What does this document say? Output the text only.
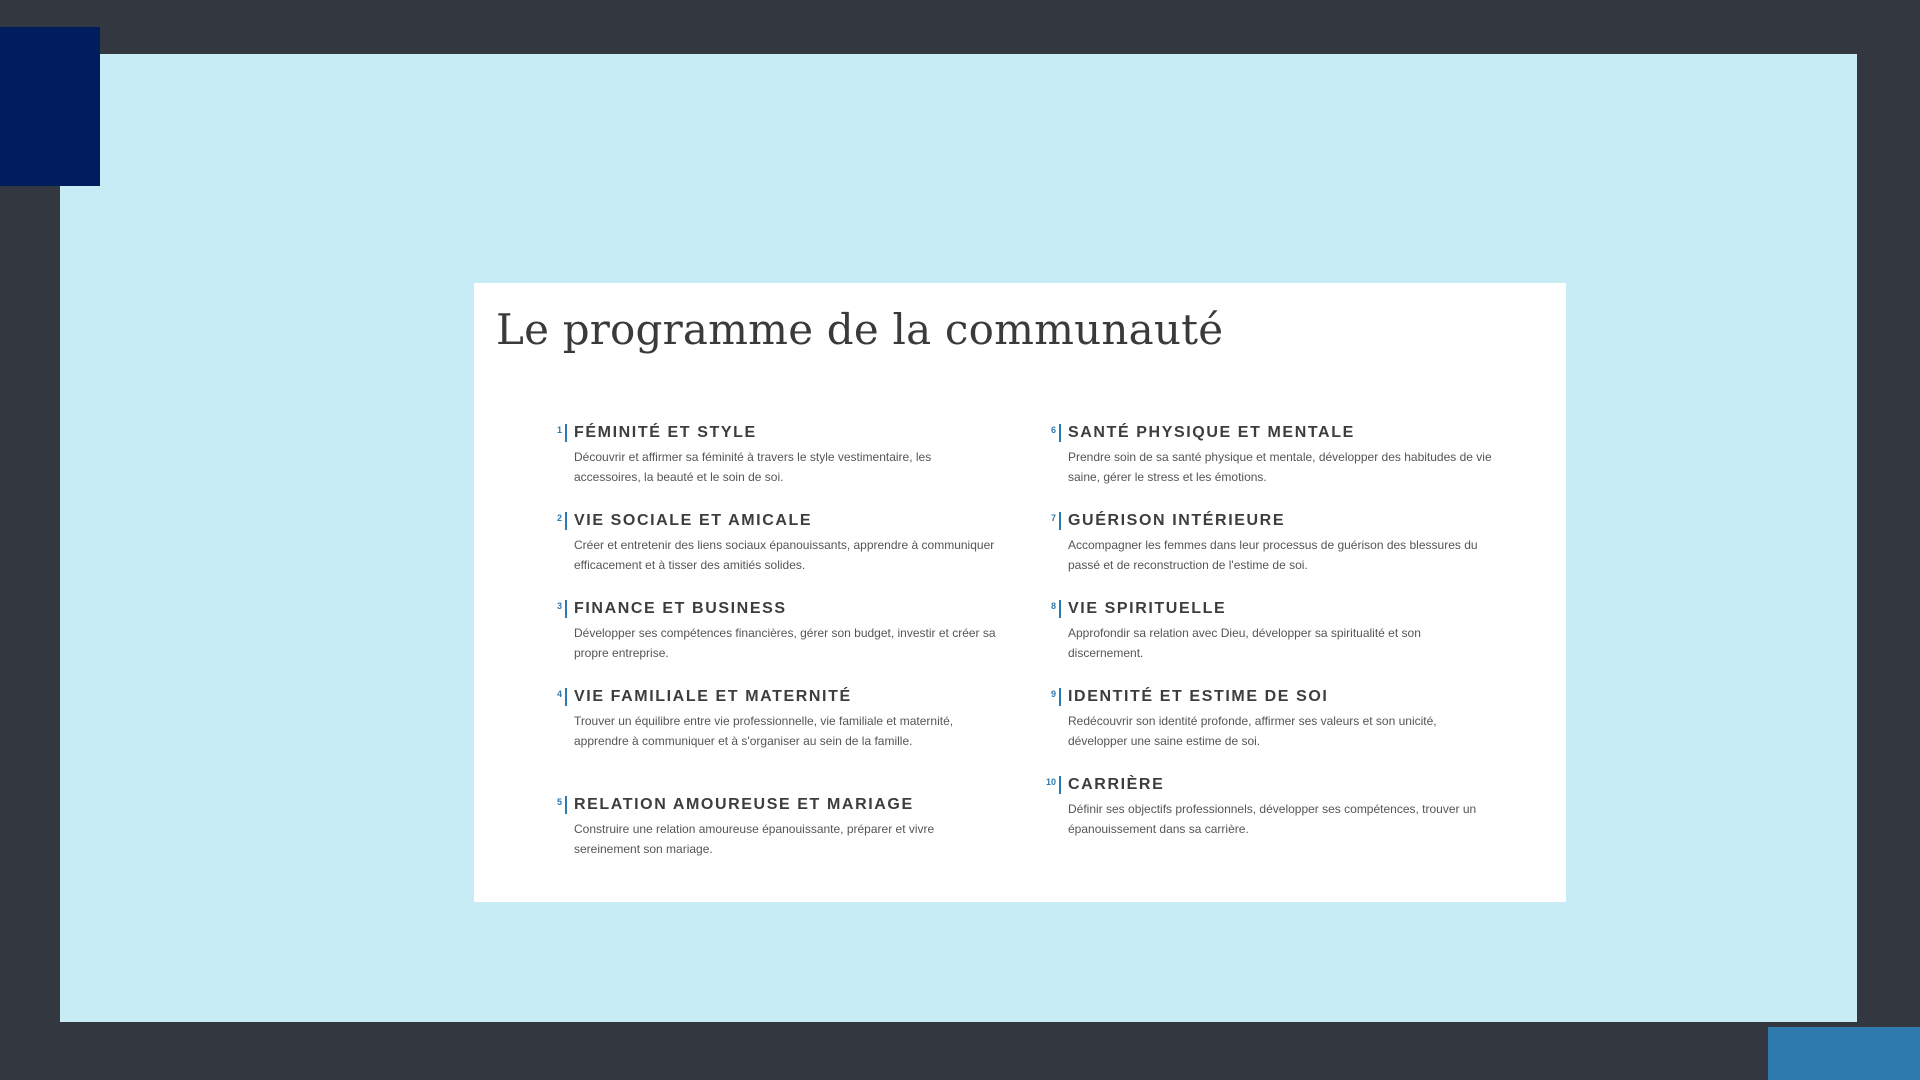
Le programme de la communauté
1 FÉMINITÉ ET STYLE

Découvrir et affirmer sa féminité à travers le style vestimentaire, les accessoires, la beauté et le soin de soi.

2 VIE SOCIALE ET AMICALE

Créer et entretenir des liens sociaux épanouissants, apprendre à communiquer efficacement et à tisser des amitiés solides.

3 FINANCE ET BUSINESS

Développer ses compétences financières, gérer son budget, investir et créer sa propre entreprise.

4 VIE FAMILIALE ET MATERNITÉ

Trouver un équilibre entre vie professionnelle, vie familiale et maternité, apprendre à communiquer et à s'organiser au sein de la famille.

5 RELATION AMOUREUSE ET MARIAGE

Construire une relation amoureuse épanouissante, préparer et vivre sereinement son mariage.

6 SANTÉ PHYSIQUE ET MENTALE

Prendre soin de sa santé physique et mentale, développer des habitudes de vie saine, gérer le stress et les émotions.

7 GUÉRISON INTÉRIEURE

Accompagner les femmes dans leur processus de guérison des blessures du passé et de reconstruction de l'estime de soi.

8 VIE SPIRITUELLE

Approfondir sa relation avec Dieu, développer sa spiritualité et son discernement.

9 IDENTITÉ ET ESTIME DE SOI

Redécouvrir son identité profonde, affirmer ses valeurs et son unicité, développer une saine estime de soi.

10 CARRIÈRE

Définir ses objectifs professionnels, développer ses compétences, trouver un épanouissement dans sa carrière.
